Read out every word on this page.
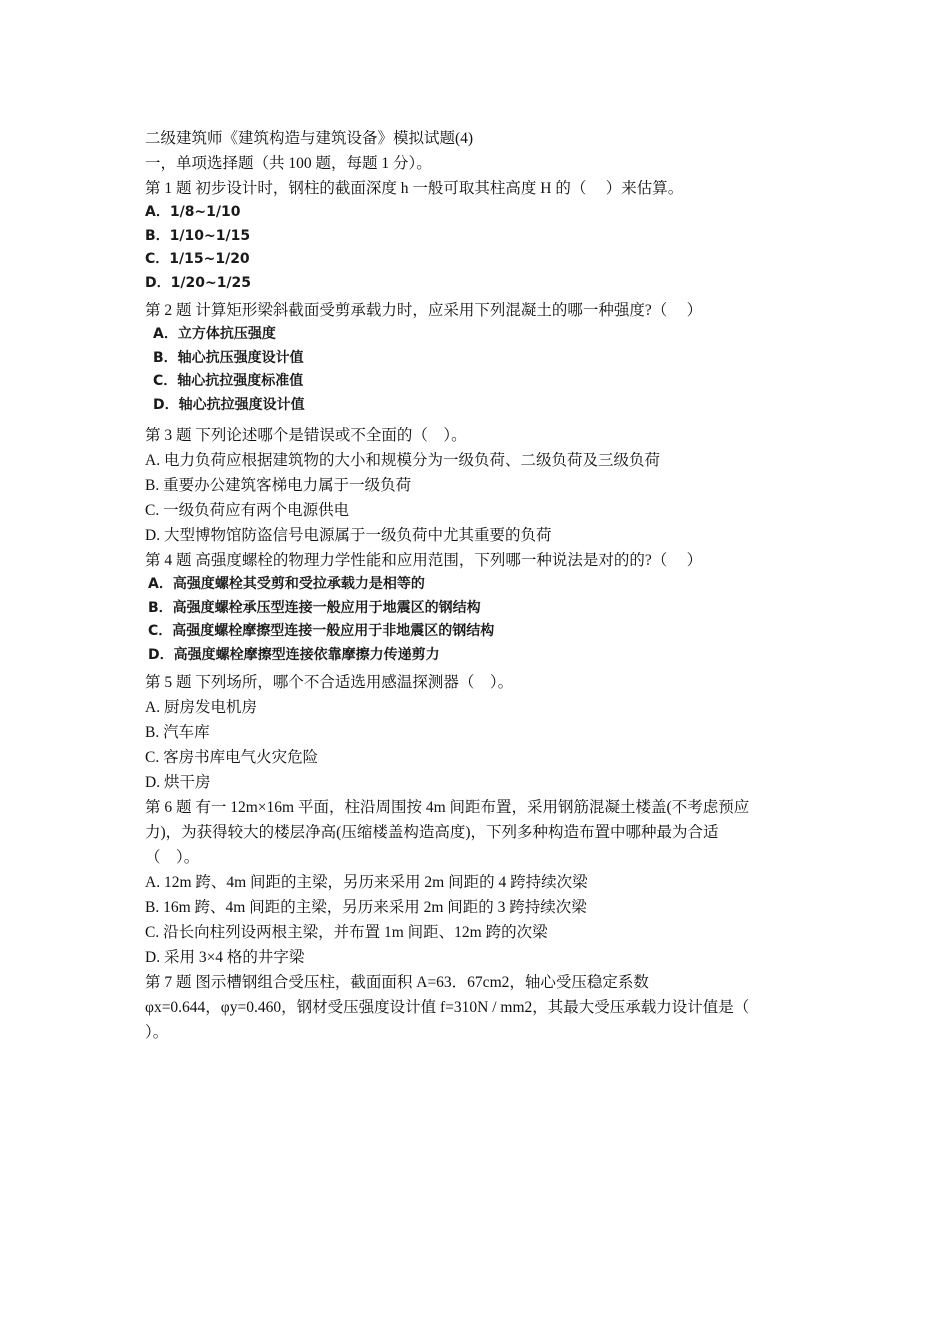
二级建筑师《建筑构造与建筑设备》模拟试题(4)
一，单项选择题（共 100 题，每题 1 分）。
第 1 题 初步设计时，钢柱的截面深度 h 一般可取其柱高度 H 的（　 ）来估算。
A．1/8~1/10
B．1/10~1/15
C．1/15~1/20
D．1/20~1/25
第 2 题 计算矩形梁斜截面受剪承载力时，应采用下列混凝土的哪一种强度?（　 ）
A．立方体抗压强度
B．轴心抗压强度设计值
C．轴心抗拉强度标准值
D．轴心抗拉强度设计值
第 3 题 下列论述哪个是错误或不全面的（　）。
A. 电力负荷应根据建筑物的大小和规模分为一级负荷、二级负荷及三级负荷
B. 重要办公建筑客梯电力属于一级负荷
C. 一级负荷应有两个电源供电
D. 大型博物馆防盗信号电源属于一级负荷中尤其重要的负荷
第 4 题 高强度螺栓的物理力学性能和应用范围，下列哪一种说法是对的的?（　 ）
A．高强度螺栓其受剪和受拉承载力是相等的
B．高强度螺栓承压型连接一般应用于地震区的钢结构
C．高强度螺栓摩擦型连接一般应用于非地震区的钢结构
D．高强度螺栓摩擦型连接依靠摩擦力传递剪力
第 5 题 下列场所，哪个不合适选用感温探测器（　）。
A. 厨房发电机房
B. 汽车库
C. 客房书库电气火灾危险
D. 烘干房
第 6 题 有一 12m×16m 平面，柱沿周围按 4m 间距布置，采用钢筋混凝土楼盖(不考虑预应
力)，为获得较大的楼层净高(压缩楼盖构造高度)，下列多种构造布置中哪种最为合适
（　）。
A. 12m 跨、4m 间距的主梁，另历来采用 2m 间距的 4 跨持续次梁
B. 16m 跨、4m 间距的主梁，另历来采用 2m 间距的 3 跨持续次梁
C. 沿长向柱列设两根主梁，并布置 1m 间距、12m 跨的次梁
D. 采用 3×4 格的井字梁
第 7 题 图示槽钢组合受压柱，截面面积 A=63．67cm2，轴心受压稳定系数
φx=0.644，φy=0.460，钢材受压强度设计值 f=310N / mm2，其最大受压承载力设计值是（
）。
